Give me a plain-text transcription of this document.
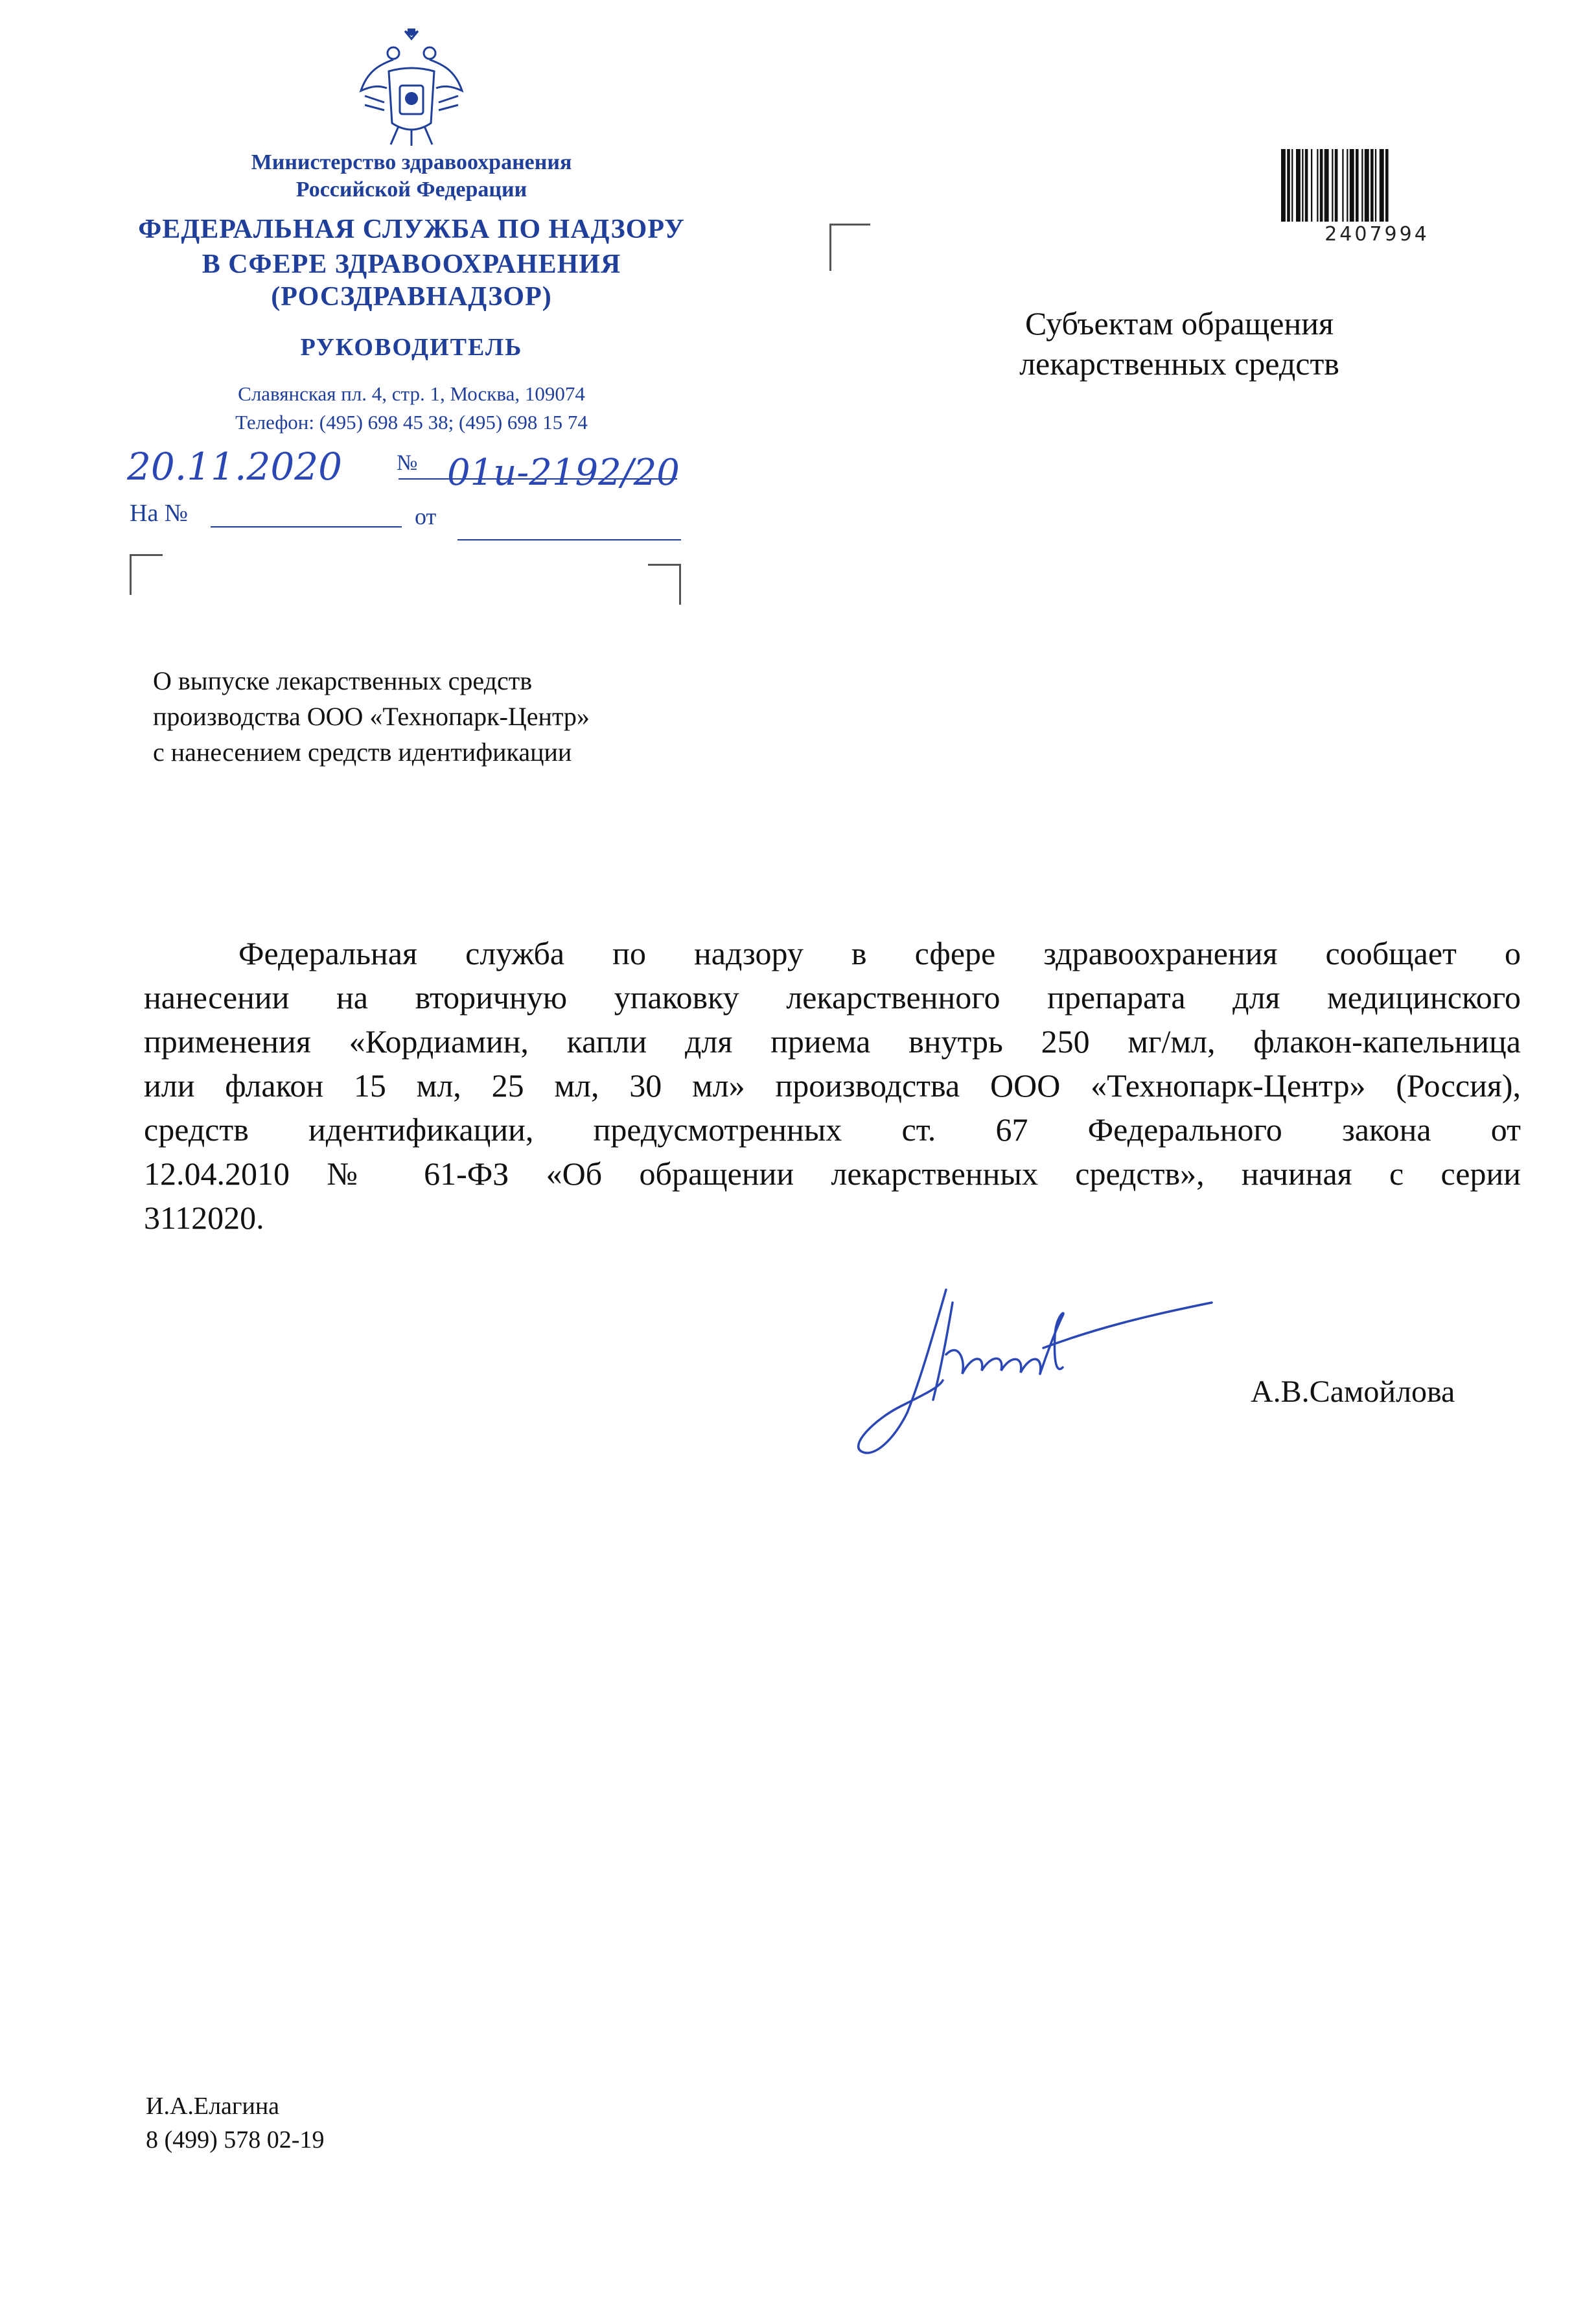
Министерство здравоохранения
Российской Федерации
ФЕДЕРАЛЬНАЯ СЛУЖБА ПО НАДЗОРУ
В СФЕРЕ ЗДРАВООХРАНЕНИЯ
(РОСЗДРАВНАДЗОР)
РУКОВОДИТЕЛЬ
Славянская пл. 4, стр. 1, Москва, 109074
Телефон: (495) 698 45 38; (495) 698 15 74
20.11.2020 № 01и-2192/20
На №	от
2407994
Субъектам обращения
лекарственных средств
О выпуске лекарственных средств
производства ООО «Технопарк-Центр»
с нанесением средств идентификации
Федеральная служба по надзору в сфере здравоохранения сообщает о
нанесении на вторичную упаковку лекарственного препарата для медицинского
применения «Кордиамин, капли для приема внутрь 250 мг/мл, флакон-капельница
или флакон 15 мл, 25 мл, 30 мл» производства ООО «Технопарк-Центр» (Россия),
средств идентификации, предусмотренных ст. 67 Федерального закона от
12.04.2010 № 61-ФЗ «Об обращении лекарственных средств», начиная с серии
3112020.
А.В.Самойлова
И.А.Елагина
8 (499) 578 02-19
